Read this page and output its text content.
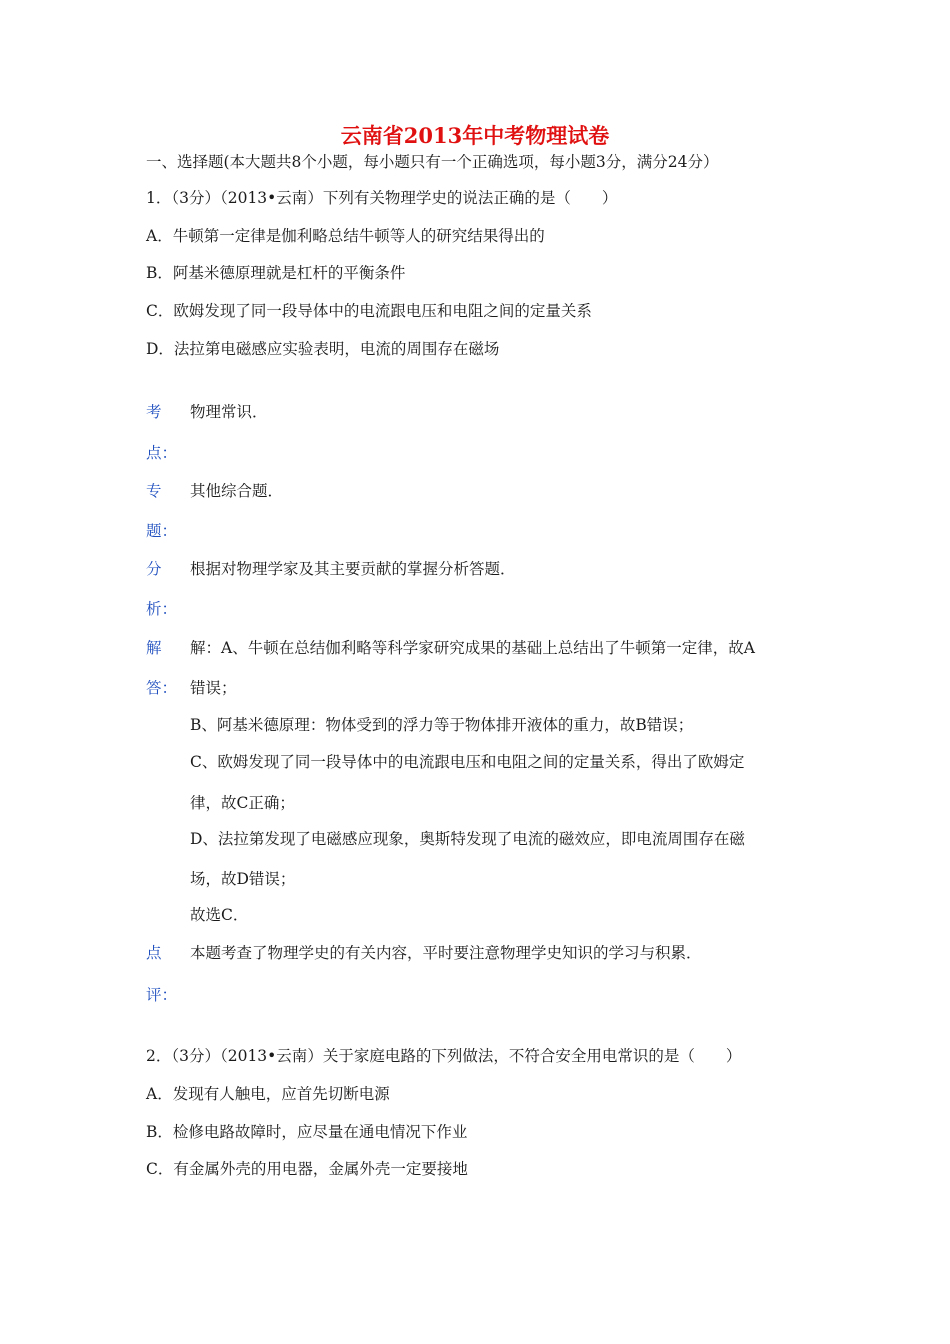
云南省2013年中考物理试卷
一、选择题(本大题共8个小题，每小题只有一个正确选项，每小题3分，满分24分）
1．（3分）（2013•云南）下列有关物理学史的说法正确的是（　　）
A．牛顿第一定律是伽利略总结牛顿等人的研究结果得出的
B．阿基米德原理就是杠杆的平衡条件
C．欧姆发现了同一段导体中的电流跟电压和电阻之间的定量关系
D．法拉第电磁感应实验表明，电流的周围存在磁场
考 物理常识．
点：
专 其他综合题．
题：
分 根据对物理学家及其主要贡献的掌握分析答题．
析：
解 解：A、牛顿在总结伽利略等科学家研究成果的基础上总结出了牛顿第一定律，故A
答： 错误；
B、阿基米德原理：物体受到的浮力等于物体排开液体的重力，故B错误；
C、欧姆发现了同一段导体中的电流跟电压和电阻之间的定量关系，得出了欧姆定
律，故C正确；
D、法拉第发现了电磁感应现象，奥斯特发现了电流的磁效应，即电流周围存在磁
场，故D错误；
故选C．
点 本题考查了物理学史的有关内容，平时要注意物理学史知识的学习与积累．
评：
2．（3分）（2013•云南）关于家庭电路的下列做法，不符合安全用电常识的是（　　）
A．发现有人触电，应首先切断电源
B．检修电路故障时，应尽量在通电情况下作业
C．有金属外壳的用电器，金属外壳一定要接地
